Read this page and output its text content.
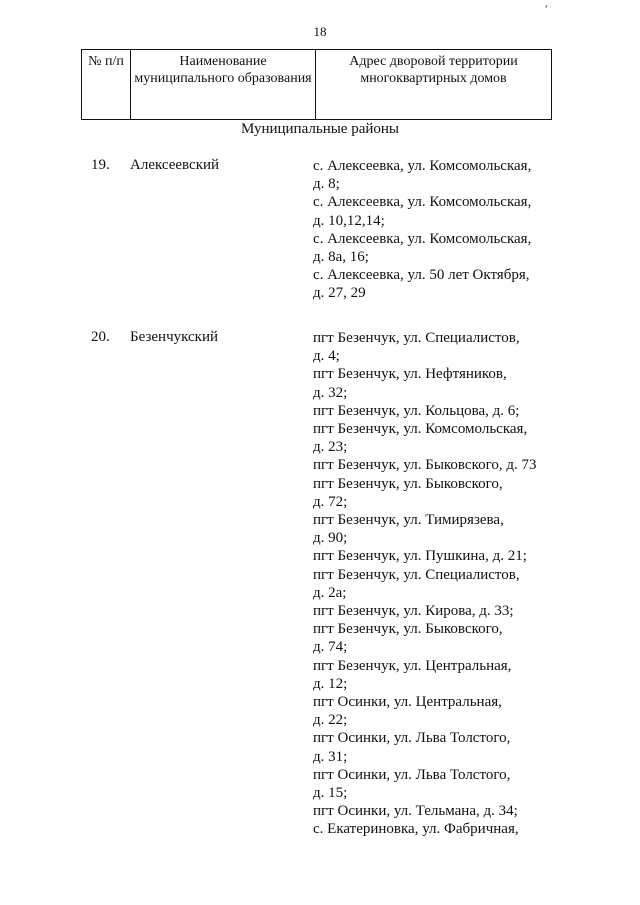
18
ʹ
№ п/п	Наименование муниципального образования	Адрес дворовой территории многоквартирных домов
Муниципальные районы
19. Алексеевский	с. Алексеевка, ул. Комсомольская,
д. 8;
с. Алексеевка, ул. Комсомольская,
д. 10,12,14;
с. Алексеевка, ул. Комсомольская,
д. 8а, 16;
с. Алексеевка, ул. 50 лет Октября,
д. 27, 29
20. Безенчукский	пгт Безенчук, ул. Специалистов,
д. 4;
пгт Безенчук, ул. Нефтяников,
д. 32;
пгт Безенчук, ул. Кольцова, д. 6;
пгт Безенчук, ул. Комсомольская,
д. 23;
пгт Безенчук, ул. Быковского, д. 73
пгт Безенчук, ул. Быковского,
д. 72;
пгт Безенчук, ул. Тимирязева,
д. 90;
пгт Безенчук, ул. Пушкина, д. 21;
пгт Безенчук, ул. Специалистов,
д. 2а;
пгт Безенчук, ул. Кирова, д. 33;
пгт Безенчук, ул. Быковского,
д. 74;
пгт Безенчук, ул. Центральная,
д. 12;
пгт Осинки, ул. Центральная,
д. 22;
пгт Осинки, ул. Льва Толстого,
д. 31;
пгт Осинки, ул. Льва Толстого,
д. 15;
пгт Осинки, ул. Тельмана, д. 34;
с. Екатериновка, ул. Фабричная,
